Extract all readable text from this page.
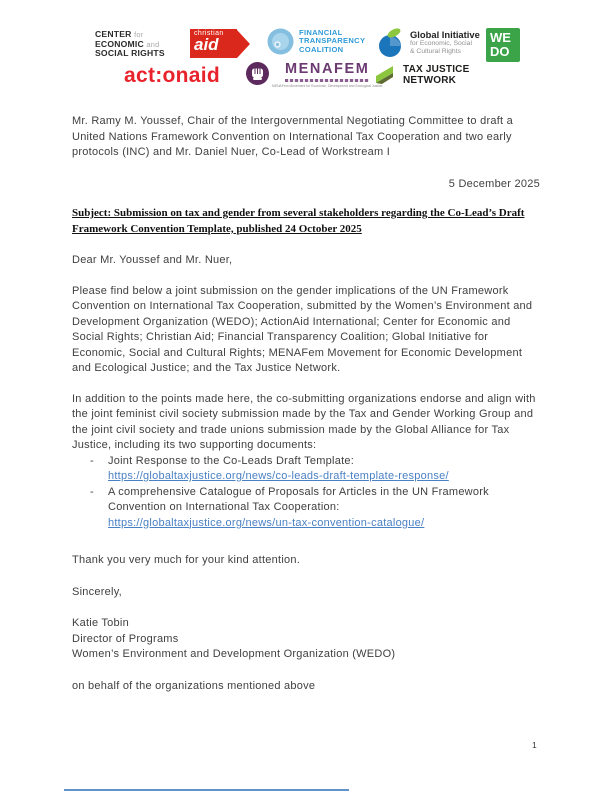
CENTER for
ECONOMIC and
SOCIAL RIGHTS
christian
aid
FINANCIAL
TRANSPARENCY
COALITION
Global Initiative
for Economic, Social
& Cultural Rights
WE
DO
act:onaid	MENAFEM
MENAFem Movement for Economic, Development and Ecological Justice
TAX JUSTICE
NETWORK
Mr. Ramy M. Youssef, Chair of the Intergovernmental Negotiating Committee to draft a United Nations Framework Convention on International Tax Cooperation and two early protocols (INC) and Mr. Daniel Nuer, Co-Lead of Workstream I
5 December 2025
Subject: Submission on tax and gender from several stakeholders regarding the Co-Lead’s Draft Framework Convention Template, published 24 October 2025
Dear Mr. Youssef and Mr. Nuer,
Please find below a joint submission on the gender implications of the UN Framework Convention on International Tax Cooperation, submitted by the Women’s Environment and Development Organization (WEDO); ActionAid International; Center for Economic and Social Rights; Christian Aid; Financial Transparency Coalition; Global Initiative for Economic, Social and Cultural Rights; MENAFem Movement for Economic Development and Ecological Justice; and the Tax Justice Network.
In addition to the points made here, the co-submitting organizations endorse and align with the joint feminist civil society submission made by the Tax and Gender Working Group and the joint civil society and trade unions submission made by the Global Alliance for Tax Justice, including its two supporting documents:
-	Joint Response to the Co-Leads Draft Template:
https://globaltaxjustice.org/news/co-leads-draft-template-response/
-	A comprehensive Catalogue of Proposals for Articles in the UN Framework Convention on International Tax Cooperation:
https://globaltaxjustice.org/news/un-tax-convention-catalogue/
Thank you very much for your kind attention.
Sincerely,
Katie Tobin
Director of Programs
Women’s Environment and Development Organization (WEDO)
on behalf of the organizations mentioned above
1
